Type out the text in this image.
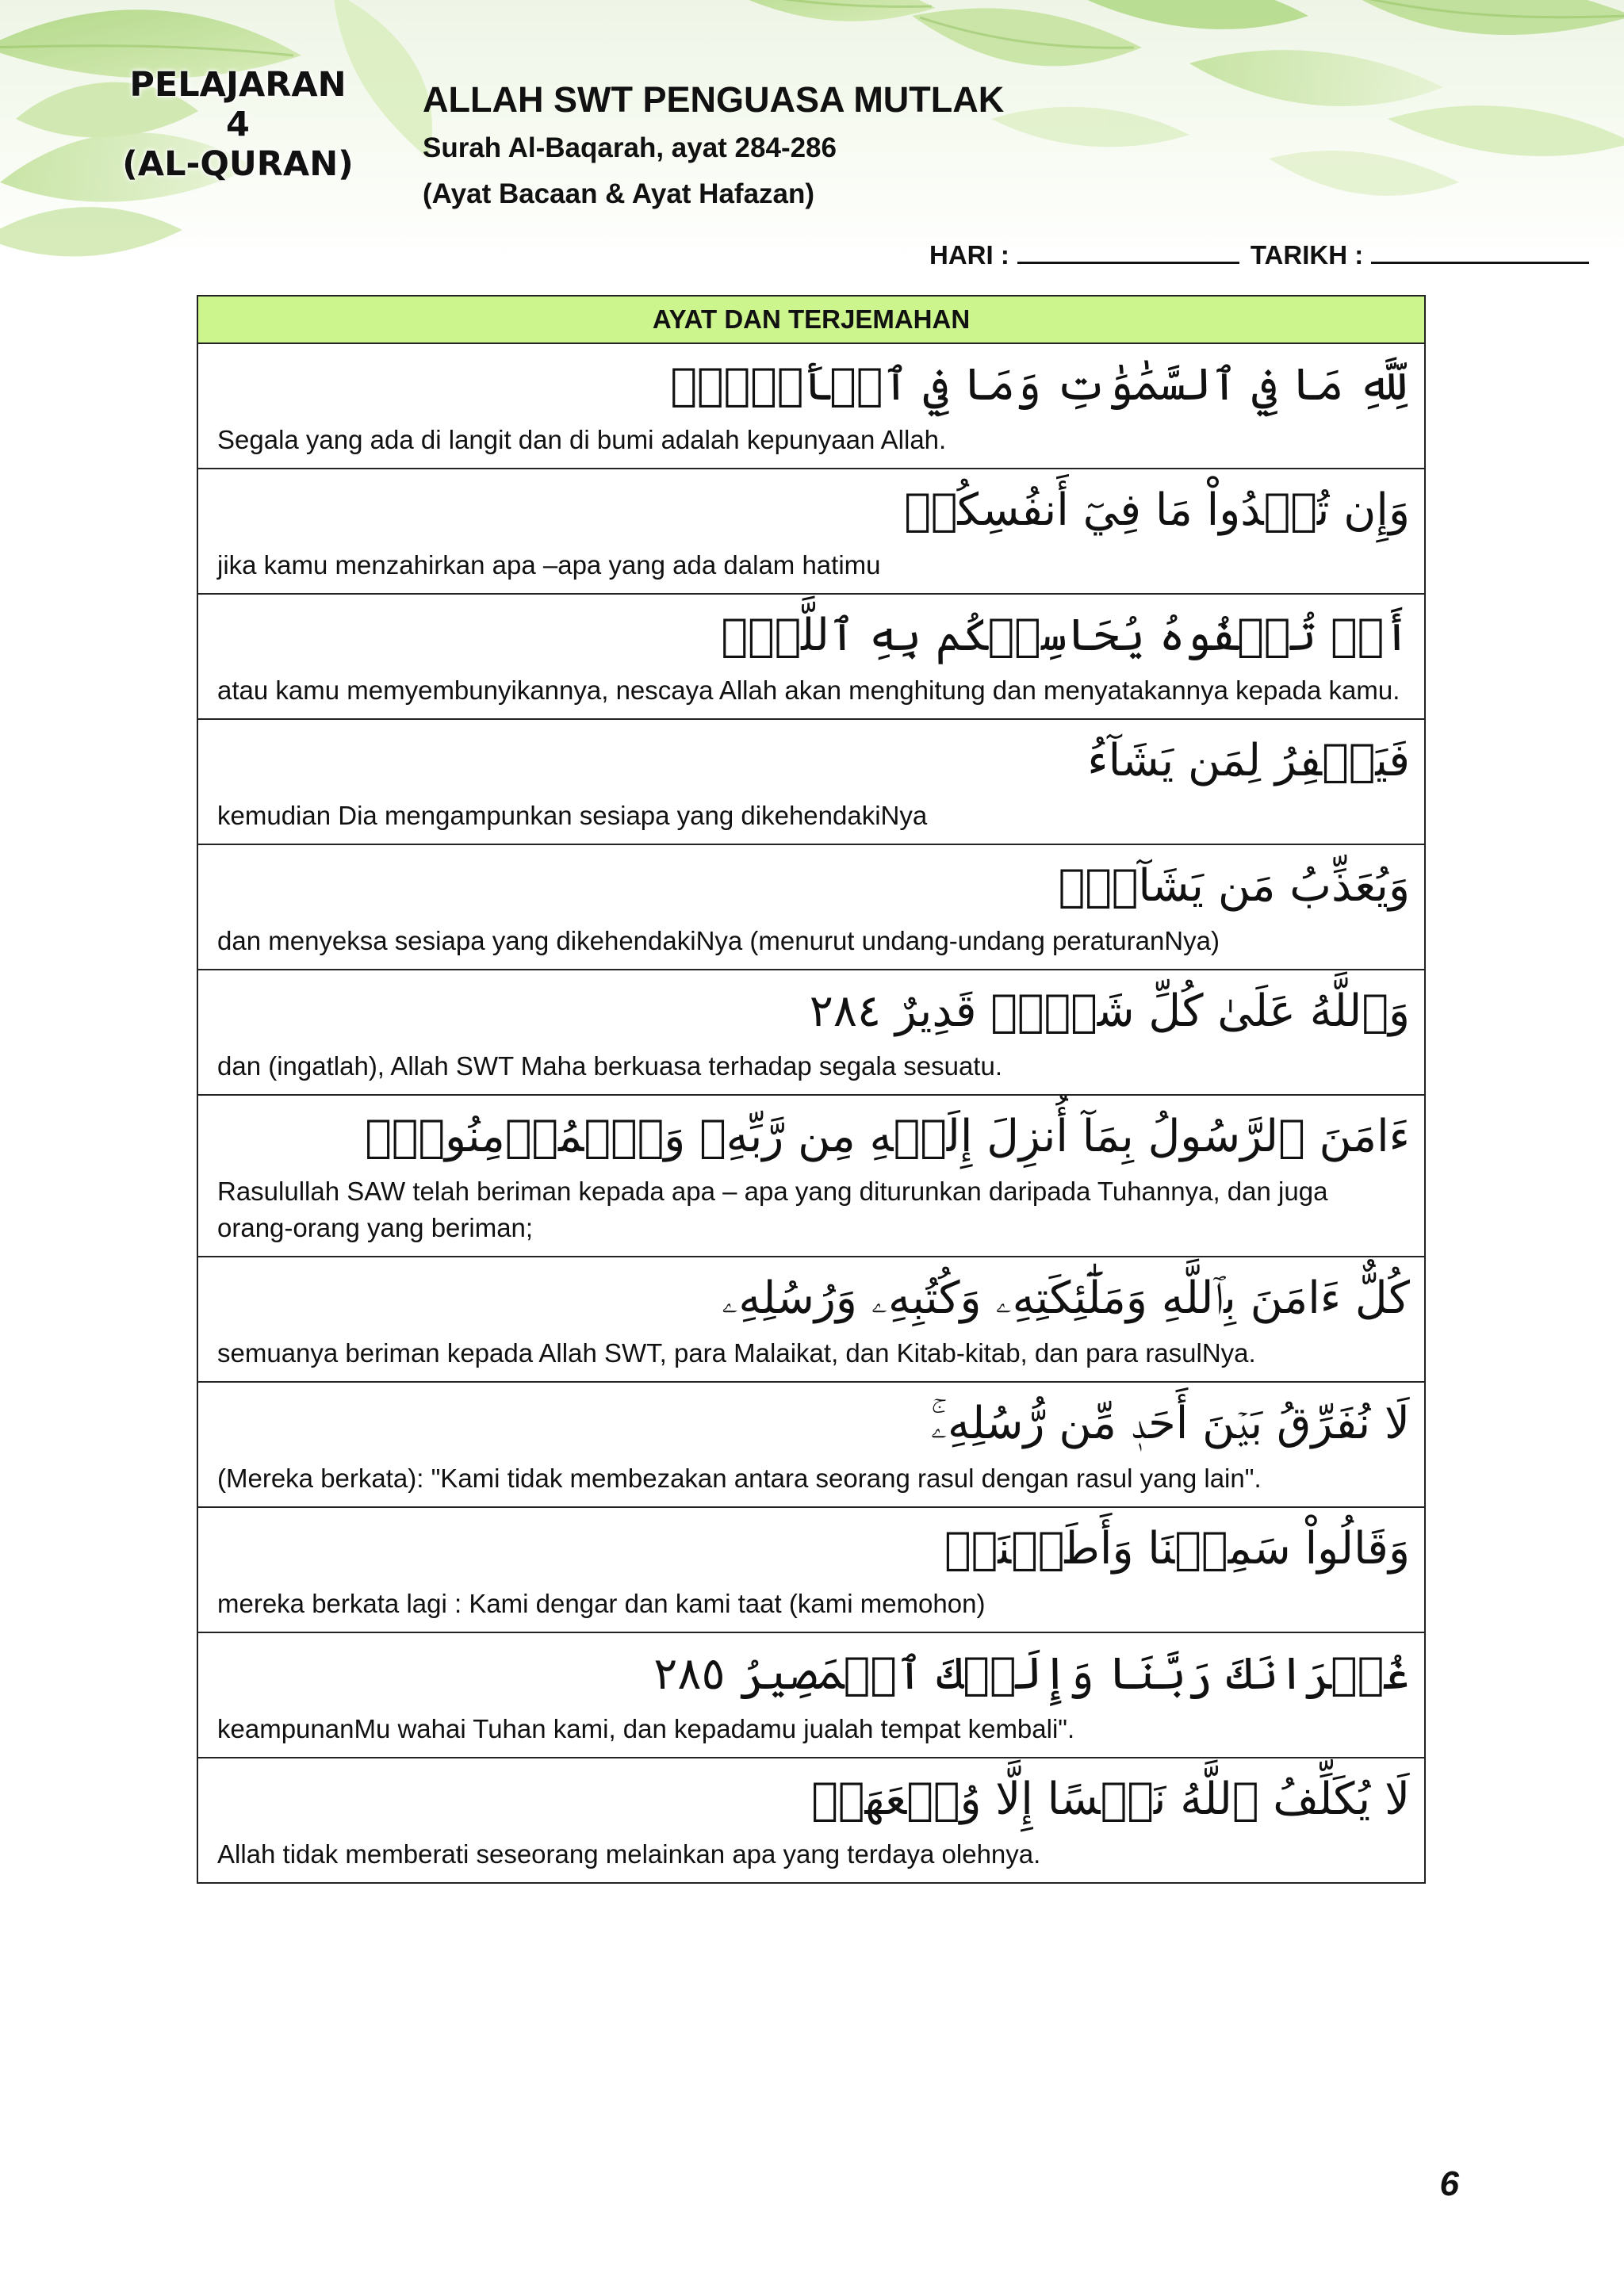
PELAJARAN
4
(AL-QURAN)
ALLAH SWT PENGUASA MUTLAK
Surah Al-Baqarah, ayat 284-286
(Ayat Bacaan & Ayat Hafazan)
HARI :	TARIKH :
AYAT DAN TERJEMAHAN

لِّلَّهِ مَا فِي ٱلسَّمَٰوَٰتِ وَمَا فِي ٱلۡأَرۡضِۗ
Segala yang ada di langit dan di bumi adalah kepunyaan Allah.

وَإِن تُبۡدُواْ مَا فِيٓ أَنفُسِكُمۡ
jika kamu menzahirkan apa –apa yang ada dalam hatimu

أَوۡ تُخۡفُوهُ يُحَاسِبۡكُم بِهِ ٱللَّهُۖ
atau kamu memyembunyikannya, nescaya Allah akan menghitung dan menyatakannya kepada kamu.

فَيَغۡفِرُ لِمَن يَشَآءُ
kemudian Dia mengampunkan sesiapa yang dikehendakiNya

وَيُعَذِّبُ مَن يَشَآءُۗ
dan menyeksa sesiapa yang dikehendakiNya (menurut undang-undang peraturanNya)

وَٱللَّهُ عَلَىٰ كُلِّ شَيۡءٖ قَدِيرٌ ٢٨٤
dan (ingatlah), Allah SWT Maha berkuasa terhadap segala sesuatu.

ءَامَنَ ٱلرَّسُولُ بِمَآ أُنزِلَ إِلَيۡهِ مِن رَّبِّهِۦ وَٱلۡمُؤۡمِنُونَۚ
Rasulullah SAW telah beriman kepada apa – apa yang diturunkan daripada Tuhannya, dan juga orang-orang yang beriman;

كُلٌّ ءَامَنَ بِٱللَّهِ وَمَلَٰٓئِكَتِهِۦ وَكُتُبِهِۦ وَرُسُلِهِۦ
semuanya beriman kepada Allah SWT, para Malaikat, dan Kitab-kitab, dan para rasulNya.

لَا نُفَرِّقُ بَيۡنَ أَحَدٖ مِّن رُّسُلِهِۦۚ
(Mereka berkata): "Kami tidak membezakan antara seorang rasul dengan rasul yang lain".

وَقَالُواْ سَمِعۡنَا وَأَطَعۡنَاۖ
mereka berkata lagi : Kami dengar dan kami taat (kami memohon)

غُفۡرَانَكَ رَبَّنَا وَإِلَيۡكَ ٱلۡمَصِيرُ ٢٨٥
keampunanMu wahai Tuhan kami, dan kepadamu jualah tempat kembali".

لَا يُكَلِّفُ ٱللَّهُ نَفۡسًا إِلَّا وُسۡعَهَاۚ
Allah tidak memberati seseorang melainkan apa yang terdaya olehnya.
6
